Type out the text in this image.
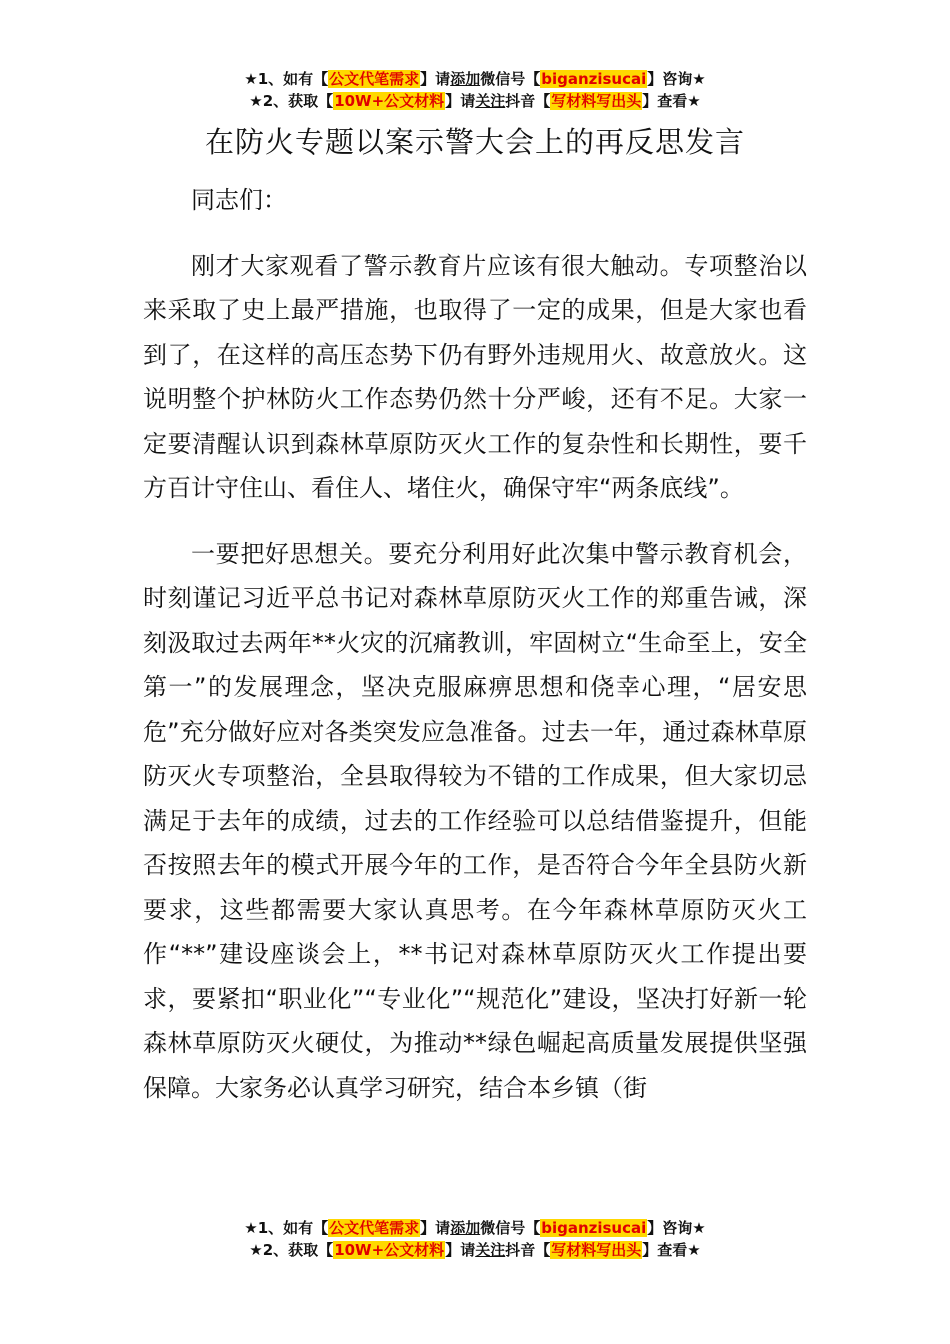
★1、如有【公文代笔需求】请添加微信号【biganzisucai】咨询★
★2、获取【10W+公文材料】请关注抖音【写材料写出头】查看★
在防火专题以案示警大会上的再反思发言

同志们：

刚才大家观看了警示教育片应该有很大触动。专项整治以来采取了史上最严措施，也取得了一定的成果，但是大家也看到了，在这样的高压态势下仍有野外违规用火、故意放火。这说明整个护林防火工作态势仍然十分严峻，还有不足。大家一定要清醒认识到森林草原防灭火工作的复杂性和长期性，要千方百计守住山、看住人、堵住火，确保守牢“两条底线”。

一要把好思想关。要充分利用好此次集中警示教育机会，时刻谨记习近平总书记对森林草原防灭火工作的郑重告诫，深刻汲取过去两年**火灾的沉痛教训，牢固树立“生命至上，安全第一”的发展理念，坚决克服麻痹思想和侥幸心理，“居安思危”充分做好应对各类突发应急准备。过去一年，通过森林草原防灭火专项整治，全县取得较为不错的工作成果，但大家切忌满足于去年的成绩，过去的工作经验可以总结借鉴提升，但能否按照去年的模式开展今年的工作，是否符合今年全县防火新要求，这些都需要大家认真思考。在今年森林草原防灭火工作“**”建设座谈会上，**书记对森林草原防灭火工作提出要求，要紧扣“职业化”“专业化”“规范化”建设，坚决打好新一轮森林草原防灭火硬仗，为推动**绿色崛起高质量发展提供坚强保障。大家务必认真学习研究，结合本乡镇（街

★1、如有【公文代笔需求】请添加微信号【biganzisucai】咨询★
★2、获取【10W+公文材料】请关注抖音【写材料写出头】查看★
